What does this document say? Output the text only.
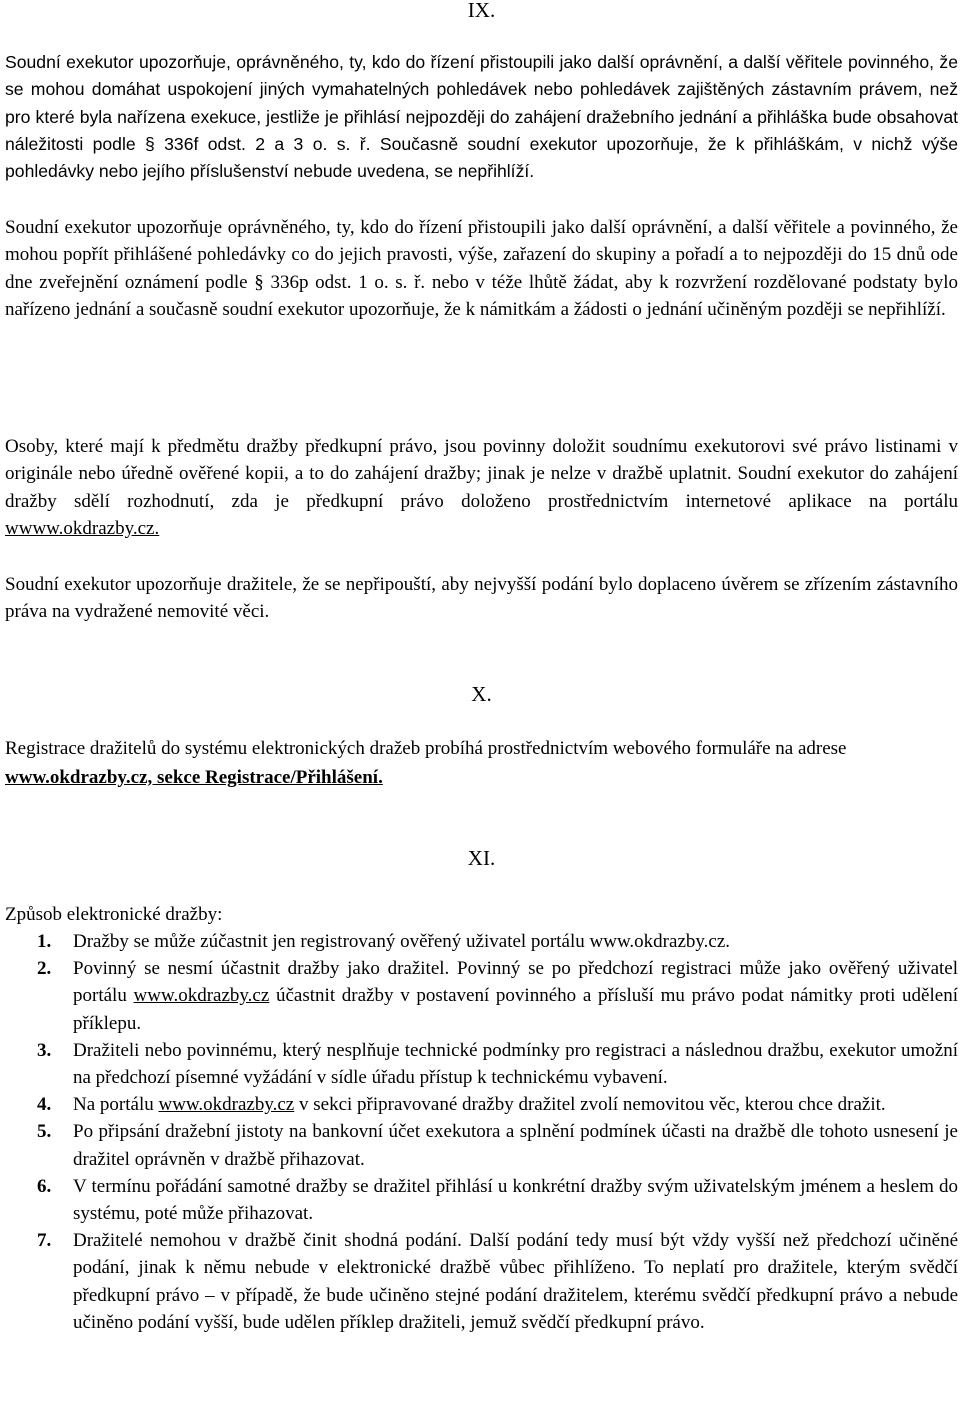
IX.

Soudní exekutor upozorňuje, oprávněného, ty, kdo do řízení přistoupili jako další oprávnění, a další věřitele povinného, že se mohou domáhat uspokojení jiných vymahatelných pohledávek nebo pohledávek zajištěných zástavním právem, než pro které byla nařízena exekuce, jestliže je přihlásí nejpozději do zahájení dražebního jednání a přihláška bude obsahovat náležitosti podle § 336f odst. 2 a 3 o. s. ř. Současně soudní exekutor upozorňuje, že k přihláškám, v nichž výše pohledávky nebo jejího příslušenství nebude uvedena, se nepřihlíží.

Soudní exekutor upozorňuje oprávněného, ty, kdo do řízení přistoupili jako další oprávnění, a další věřitele a povinného, že mohou popřít přihlášené pohledávky co do jejich pravosti, výše, zařazení do skupiny a pořadí a to nejpozději do 15 dnů ode dne zveřejnění oznámení podle § 336p odst. 1 o. s. ř. nebo v téže lhůtě žádat, aby k rozvržení rozdělované podstaty bylo nařízeno jednání a současně soudní exekutor upozorňuje, že k námitkám a žádosti o jednání učiněným později se nepřihlíží.

Osoby, které mají k předmětu dražby předkupní právo, jsou povinny doložit soudnímu exekutorovi své právo listinami v originále nebo úředně ověřené kopii, a to do zahájení dražby; jinak je nelze v dražbě uplatnit. Soudní exekutor do zahájení dražby sdělí rozhodnutí, zda je předkupní právo doloženo prostřednictvím internetové aplikace na portálu wwww.okdrazby.cz.

Soudní exekutor upozorňuje dražitele, že se nepřipouští, aby nejvyšší podání bylo doplaceno úvěrem se zřízením zástavního práva na vydražené nemovité věci.

X.

Registrace dražitelů do systému elektronických dražeb probíhá prostřednictvím webového formuláře na adrese www.okdrazby.cz, sekce Registrace/Přihlášení.

XI.

Způsob elektronické dražby:

1.	Dražby se může zúčastnit jen registrovaný ověřený uživatel portálu www.okdrazby.cz.
2.	Povinný se nesmí účastnit dražby jako dražitel. Povinný se po předchozí registraci může jako ověřený uživatel portálu www.okdrazby.cz účastnit dražby v postavení povinného a přísluší mu právo podat námitky proti udělení příklepu.
3.	Dražiteli nebo povinnému, který nesplňuje technické podmínky pro registraci a následnou dražbu, exekutor umožní na předchozí písemné vyžádání v sídle úřadu přístup k technickému vybavení.
4.	Na portálu www.okdrazby.cz v sekci připravované dražby dražitel zvolí nemovitou věc, kterou chce dražit.
5.	Po připsání dražební jistoty na bankovní účet exekutora a splnění podmínek účasti na dražbě dle tohoto usnesení je dražitel oprávněn v dražbě přihazovat.
6.	V termínu pořádání samotné dražby se dražitel přihlásí u konkrétní dražby svým uživatelským jménem a heslem do systému, poté může přihazovat.
7.	Dražitelé nemohou v dražbě činit shodná podání. Další podání tedy musí být vždy vyšší než předchozí učiněné podání, jinak k němu nebude v elektronické dražbě vůbec přihlíženo. To neplatí pro dražitele, kterým svědčí předkupní právo – v případě, že bude učiněno stejné podání dražitelem, kterému svědčí předkupní právo a nebude učiněno podání vyšší, bude udělen příklep dražiteli, jemuž svědčí předkupní právo.
